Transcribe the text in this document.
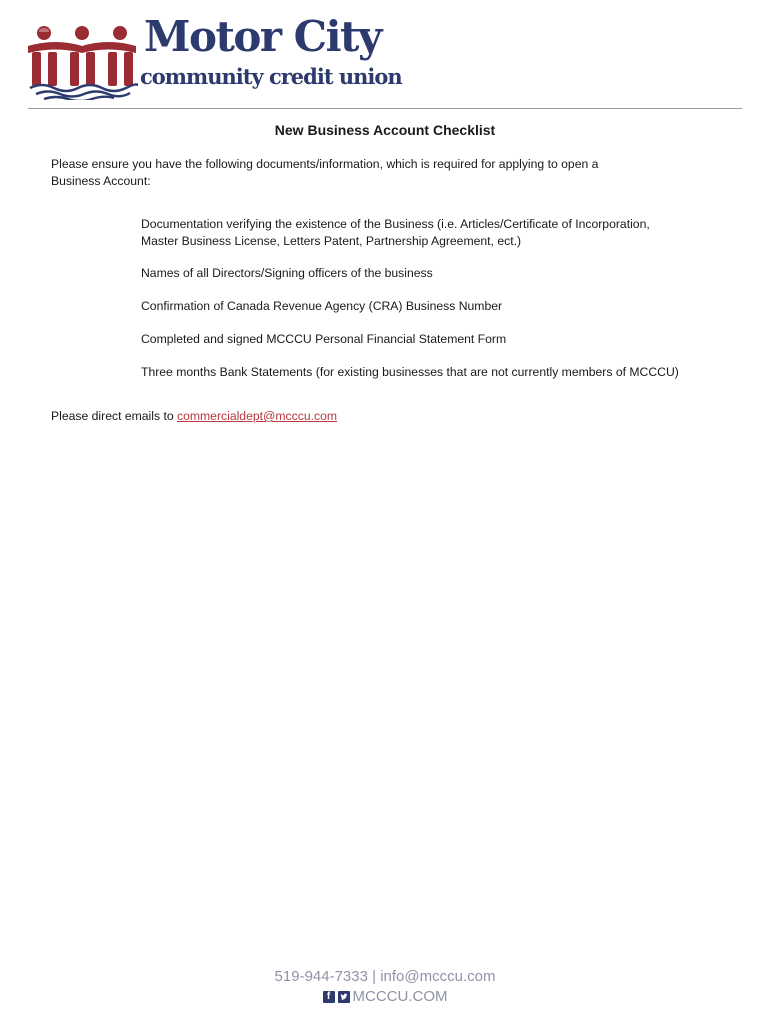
Motor City
community credit union
New Business Account Checklist
Please ensure you have the following documents/information, which is required for applying to open a Business Account:
Documentation verifying the existence of the Business (i.e. Articles/Certificate of Incorporation, Master Business License, Letters Patent, Partnership Agreement, ect.)
Names of all Directors/Signing officers of the business
Confirmation of Canada Revenue Agency (CRA) Business Number
Completed and signed MCCCU Personal Financial Statement Form
Three months Bank Statements (for existing businesses that are not currently members of MCCCU)
Please direct emails to commercialdept@mcccu.com
519-944-7333 | info@mcccu.com
f MCCCU.COM
